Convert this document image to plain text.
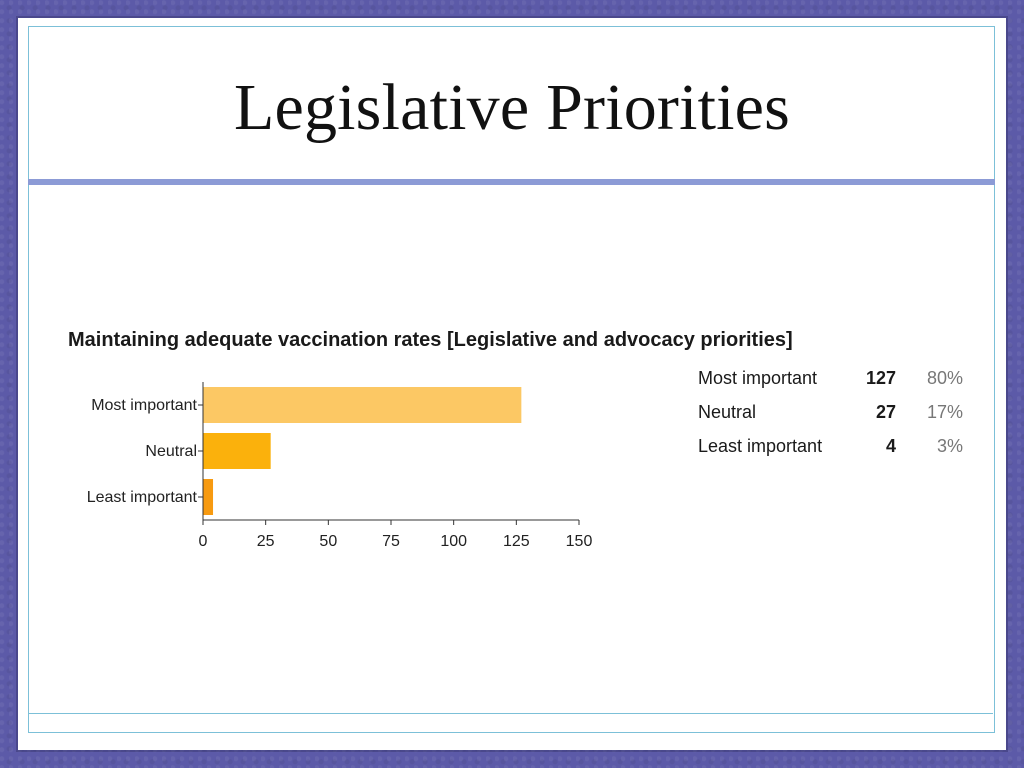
Legislative Priorities
Maintaining adequate vaccination rates [Legislative and advocacy priorities]
Most important
Neutral
Least important
0	25	50	75	100 125 150
Most important	127	80%
Neutral	27	17%
Least important	4	3%
